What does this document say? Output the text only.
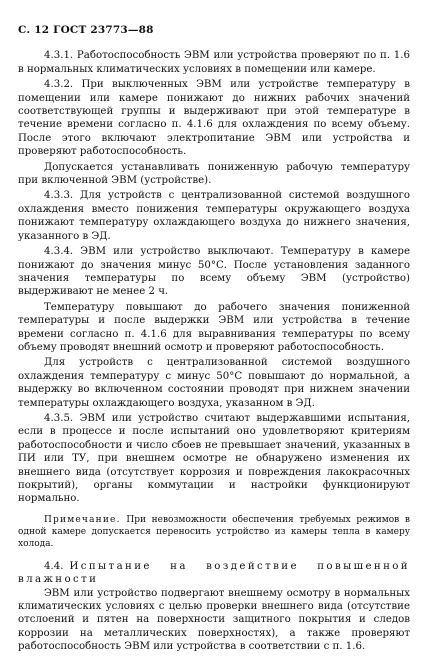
С. 12 ГОСТ 23773—88

4.3.1. Работоспособность ЭВМ или устройства проверяют по п. 1.6 в нормальных климатических условиях в помещении или камере.

4.3.2. При выключенных ЭВМ или устройстве температуру в помещении или камере понижают до нижних рабочих значений соответствующей группы и выдерживают при этой температуре в течение времени согласно п. 4.1.6 для охлаждения по всему объему. После этого включают электропитание ЭВМ или устройства и проверяют работоспособность.

Допускается устанавливать пониженную рабочую температуру при включенной ЭВМ (устройстве).

4.3.3. Для устройств с централизованной системой воздушного охлаждения вместо понижения температуры окружающего воздуха понижают температуру охлаждающего воздуха до нижнего значения, указанного в ЭД.

4.3.4. ЭВМ или устройство выключают. Температуру в камере понижают до значения минус 50°С. После установления заданного значения температуры по всему объему ЭВМ (устройство) выдерживают не менее 2 ч.

Температуру повышают до рабочего значения пониженной температуры и после выдержки ЭВМ или устройства в течение времени согласно п. 4.1.6 для выравнивания температуры по всему объему проводят внешний осмотр и проверяют работоспособность.

Для устройств с централизованной системой воздушного охлаждения температуру с минус 50°С повышают до нормальной, а выдержку во включенном состоянии проводят при нижнем значении температуры охлаждающего воздуха, указанном в ЭД.

4.3.5. ЭВМ или устройство считают выдержавшими испытания, если в процессе и после испытаний оно удовлетворяют критериям работоспособности и число сбоев не превышает значений, указанных в ПИ или ТУ, при внешнем осмотре не обнаружено изменения их внешнего вида (отсутствует коррозия и повреждения лакокрасочных покрытий), органы коммутации и настройки функционируют нормально.

Примечание. При невозможности обеспечения требуемых режимов в одной камере допускается переносить устройство из камеры тепла в камеру холода.

4.4. Испытание на воздействие повышенной влажности

ЭВМ или устройство подвергают внешнему осмотру в нормальных климатических условиях с целью проверки внешнего вида (отсутствие отслоений и пятен на поверхности защитного покрытия и следов коррозии на металлических поверхностях), а также проверяют работоспособность ЭВМ или устройства в соответствии с п. 1.6.
